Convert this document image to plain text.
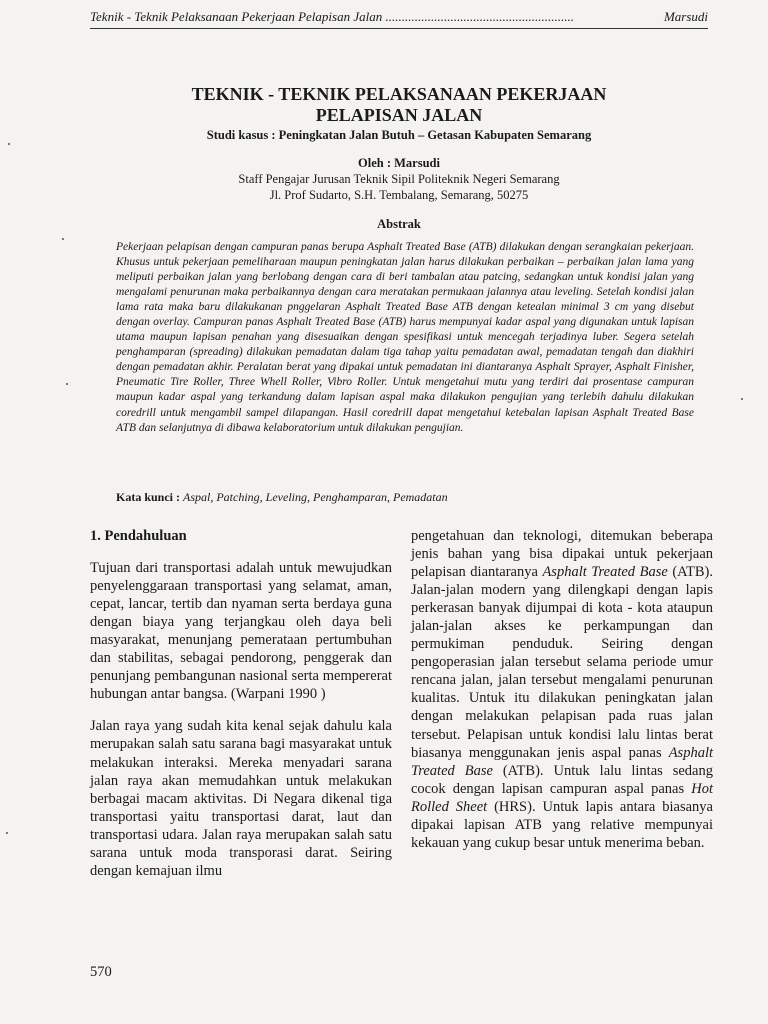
Teknik - Teknik Pelaksanaan Pekerjaan Pelapisan Jalan ..........................................................	Marsudi
TEKNIK - TEKNIK PELAKSANAAN PEKERJAAN
PELAPISAN JALAN
Studi kasus : Peningkatan Jalan Butuh – Getasan Kabupaten Semarang
Oleh : Marsudi
Staff Pengajar Jurusan Teknik Sipil Politeknik Negeri Semarang
Jl. Prof Sudarto, S.H. Tembalang, Semarang, 50275
Abstrak
Pekerjaan pelapisan dengan campuran panas berupa Asphalt Treated Base (ATB) dilakukan dengan serangkaian pekerjaan. Khusus untuk pekerjaan pemeliharaan maupun peningkatan jalan harus dilakukan perbaikan – perbaikan jalan lama yang meliputi perbaikan jalan yang berlobang dengan cara di beri tambalan atau patcing, sedangkan untuk kondisi jalan yang mengalami penurunan maka perbaikannya dengan cara meratakan permukaan jalannya atau leveling. Setelah kondisi jalan lama rata maka baru dilakukanan pnggelaran Asphalt Treated Base ATB dengan ketealan minimal 3 cm yang disebut dengan overlay. Campuran panas Asphalt Treated Base (ATB) harus mempunyai kadar aspal yang digunakan untuk lapisan utama maupun lapisan penahan yang disesuaikan dengan spesifikasi untuk mencegah terjadinya luber. Segera setelah penghamparan (spreading) dilakukan pemadatan dalam tiga tahap yaitu pemadatan awal, pemadatan tengah dan diakhiri dengan pemadatan akhir. Peralatan berat yang dipakai untuk pemadatan ini diantaranya Asphalt Sprayer, Asphalt Finisher, Pneumatic Tire Roller, Three Whell Roller, Vibro Roller. Untuk mengetahui mutu yang terdiri dai prosentase campuran maupun kadar aspal yang terkandung dalam lapisan aspal maka dilakukon pengujian yang terlebih dahulu dilakukan coredrill untuk mengambil sampel dilapangan. Hasil coredrill dapat mengetahui ketebalan lapisan Asphalt Treated Base ATB dan selanjutnya di dibawa kelaboratorium untuk dilakukan pengujian.
Kata kunci : Aspal, Patching, Leveling, Penghamparan, Pemadatan
1. Pendahuluan
Tujuan dari transportasi adalah untuk mewujudkan penyelenggaraan transportasi yang selamat, aman, cepat, lancar, tertib dan nyaman serta berdaya guna dengan biaya yang terjangkau oleh daya beli masyarakat, menunjang pemerataan pertumbuhan dan stabilitas, sebagai pendorong, penggerak dan penunjang pembangunan nasional serta mempererat hubungan antar bangsa. (Warpani 1990 )
Jalan raya yang sudah kita kenal sejak dahulu kala merupakan salah satu sarana bagi masyarakat untuk melakukan interaksi. Mereka menyadari sarana jalan raya akan memudahkan untuk melakukan berbagai macam aktivitas. Di Negara dikenal tiga transportasi yaitu transportasi darat, laut dan transportasi udara. Jalan raya merupakan salah satu sarana untuk moda transporasi darat. Seiring dengan kemajuan ilmu
pengetahuan dan teknologi, ditemukan beberapa jenis bahan yang bisa dipakai untuk pekerjaan pelapisan diantaranya Asphalt Treated Base (ATB). Jalan-jalan modern yang dilengkapi dengan lapis perkerasan banyak dijumpai di kota - kota ataupun jalan-jalan akses ke perkampungan dan permukiman penduduk. Seiring dengan pengoperasian jalan tersebut selama periode umur rencana jalan, jalan tersebut mengalami penurunan kualitas. Untuk itu dilakukan peningkatan jalan dengan melakukan pelapisan pada ruas jalan tersebut. Pelapisan untuk kondisi lalu lintas berat biasanya menggunakan jenis aspal panas Asphalt Treated Base (ATB). Untuk lalu lintas sedang cocok dengan lapisan campuran aspal panas Hot Rolled Sheet (HRS). Untuk lapis antara biasanya dipakai lapisan ATB yang relative mempunyai kekauan yang cukup besar untuk menerima beban.
570
